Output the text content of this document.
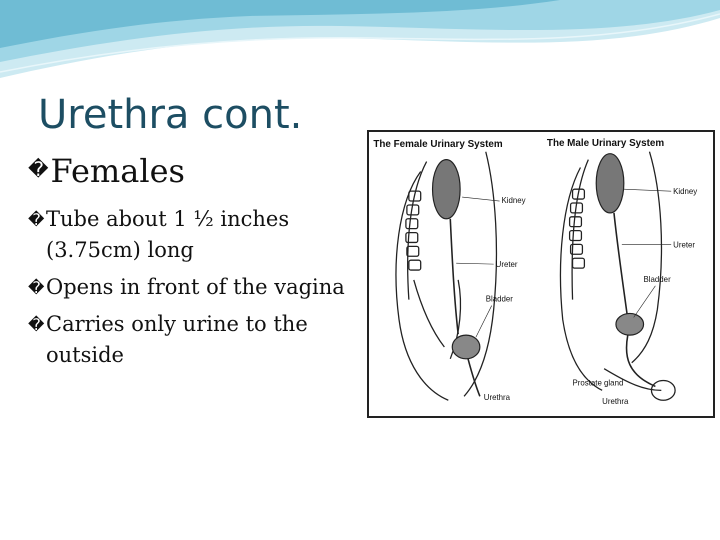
Urethra cont.
�Females
� Tube about 1 ½ inches (3.75cm) long
� Opens in front of the vagina
� Carries only urine to the outside
The Female Urinary System	The Male Urinary System
Kidney
Ureter
Bladder
Urethra
Kidney
Ureter
Bladder
Prostate gland
Urethra
